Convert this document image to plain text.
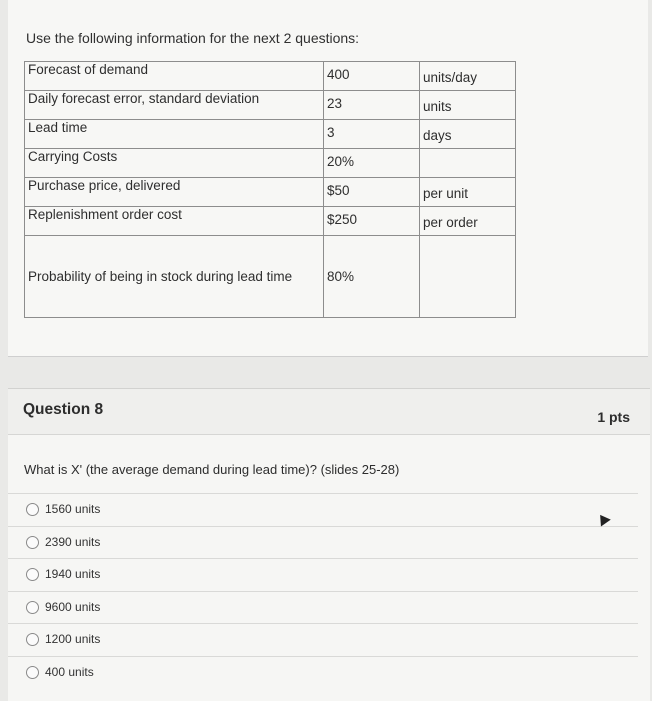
Use the following information for the next 2 questions:
Forecast of demand	400	units/day

Daily forecast error, standard deviation	23	units

Lead time	3	days

Carrying Costs	20%	

Purchase price, delivered	$50	per unit

Replenishment order cost	$250	per order

Probability of being in stock during lead time	80%	
Question 8	1 pts
What is X' (the average demand during lead time)? (slides 25-28)
1560 units
2390 units
1940 units
9600 units
1200 units
400 units
